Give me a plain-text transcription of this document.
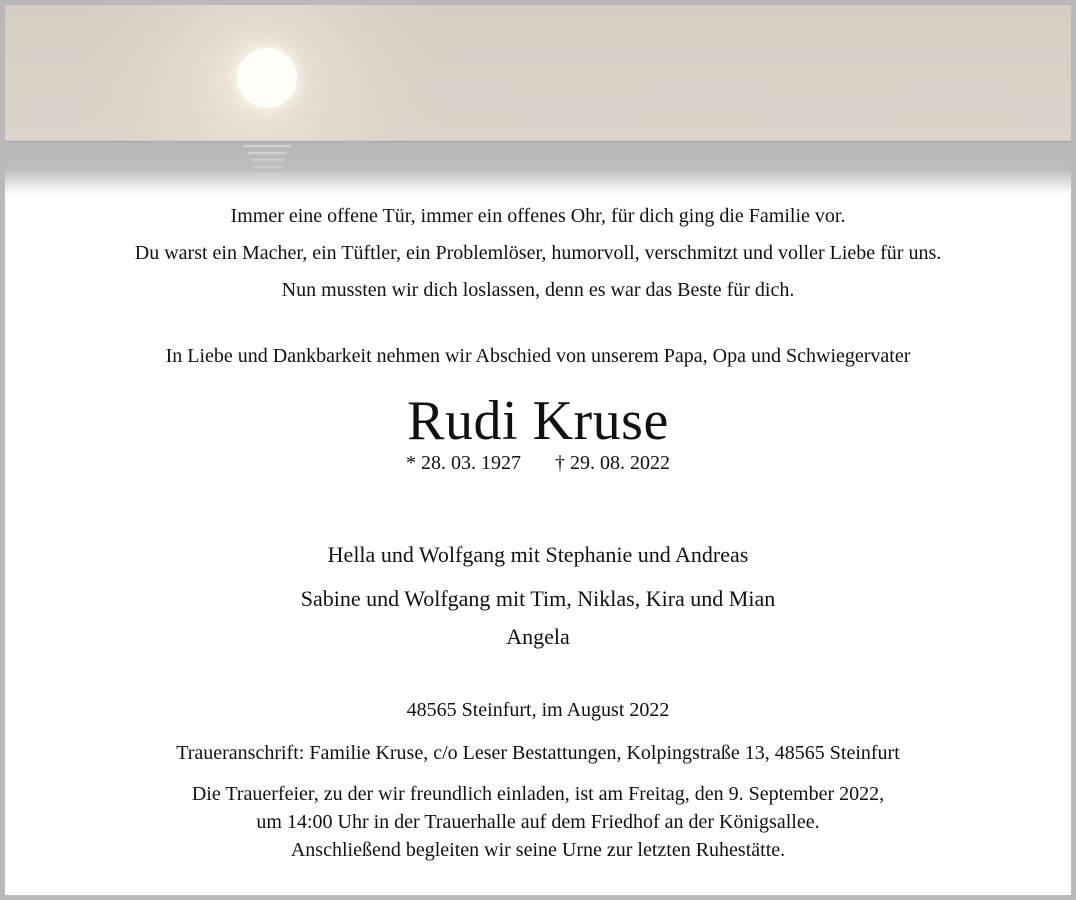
Immer eine offene Tür, immer ein offenes Ohr, für dich ging die Familie vor.
Du warst ein Macher, ein Tüftler, ein Problemlöser, humorvoll, verschmitzt und voller Liebe für uns.
Nun mussten wir dich loslassen, denn es war das Beste für dich.
In Liebe und Dankbarkeit nehmen wir Abschied von unserem Papa, Opa und Schwiegervater
Rudi Kruse
* 28. 03. 1927 † 29. 08. 2022
Hella und Wolfgang mit Stephanie und Andreas
Sabine und Wolfgang mit Tim, Niklas, Kira und Mian
Angela
48565 Steinfurt, im August 2022
Traueranschrift: Familie Kruse, c/o Leser Bestattungen, Kolpingstraße 13, 48565 Steinfurt
Die Trauerfeier, zu der wir freundlich einladen, ist am Freitag, den 9. September 2022,
um 14:00 Uhr in der Trauerhalle auf dem Friedhof an der Königsallee.
Anschließend begleiten wir seine Urne zur letzten Ruhestätte.
